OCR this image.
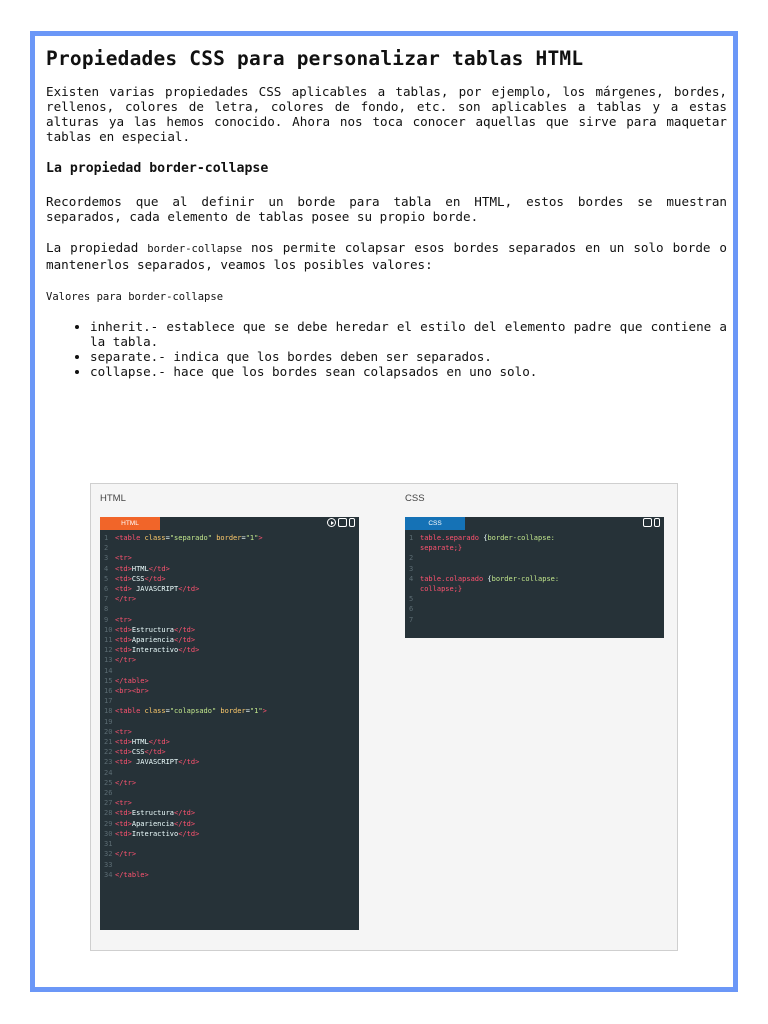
Propiedades CSS para personalizar tablas HTML

Existen varias propiedades CSS aplicables a tablas, por ejemplo, los márgenes, bordes, rellenos, colores de letra, colores de fondo, etc. son aplicables a tablas y a estas alturas ya las hemos conocido. Ahora nos toca conocer aquellas que sirve para maquetar tablas en especial.

La propiedad border-collapse

Recordemos que al definir un borde para tabla en HTML, estos bordes se muestran separados, cada elemento de tablas posee su propio borde.

La propiedad border-collapse nos permite colapsar esos bordes separados en un solo borde o mantenerlos separados, veamos los posibles valores:

Valores para border-collapse

• inherit.- establece que se debe heredar el estilo del elemento padre que contiene a la tabla.
• separate.- indica que los bordes deben ser separados.
• collapse.- hace que los bordes sean colapsados en uno solo.
HTML	CSS
HTML
1 <table class="separado" border="1">
2
3 <tr>
4 <td>HTML</td>
5 <td>CSS</td>
6 <td> JAVASCRIPT</td>
7 </tr>
8
9 <tr>
10 <td>Estructura</td>
11 <td>Apariencia</td>
12 <td>Interactivo</td>
13 </tr>
14
15 </table>
16 <br><br>
17
18 <table class="colapsado" border="1">
19
20 <tr>
21 <td>HTML</td>
22 <td>CSS</td>
23 <td> JAVASCRIPT</td>
24
25 </tr>
26
27 <tr>
28 <td>Estructura</td>
29 <td>Apariencia</td>
30 <td>Interactivo</td>
31
32 </tr>
33
34 </table>
CSS
1 table.separado {border-collapse:
separate;}
2
3
4 table.colapsado {border-collapse:
collapse;}
5
6
7
